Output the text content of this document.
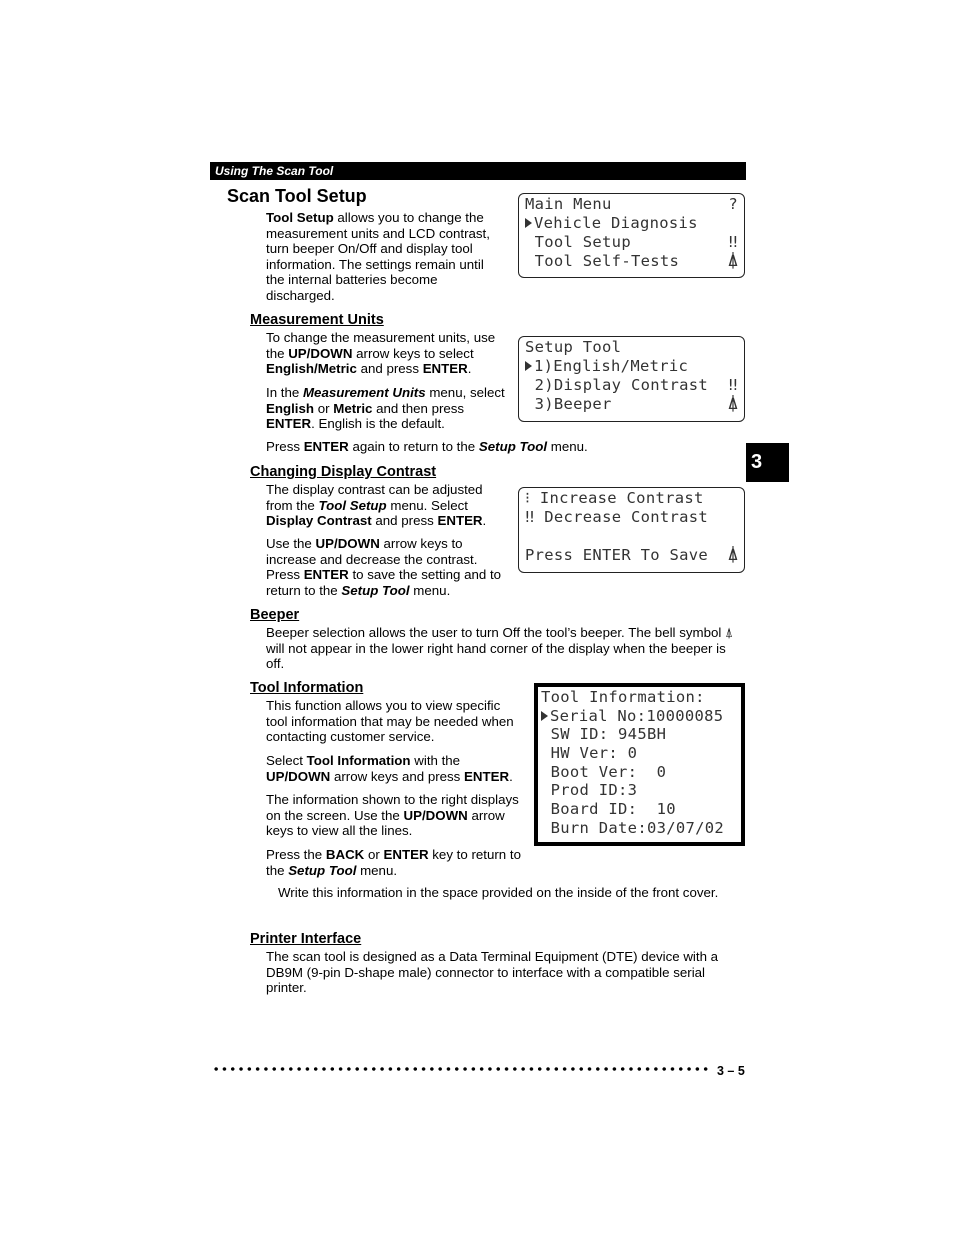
Using The Scan Tool
3
Scan Tool Setup
Tool Setup allows you to change the measurement units and LCD contrast, turn beeper On/Off and display tool information. The settings remain until the internal batteries become discharged.
Main Menu	?
Vehicle Diagnosis
Tool Setup	‼
Tool Self-Tests	⍋
Measurement Units
To change the measurement units, use the UP/DOWN arrow keys to select English/Metric and press ENTER.
In the Measurement Units menu, select English or Metric and then press ENTER. English is the default.
Press ENTER again to return to the Setup Tool menu.
Setup Tool
1)English/Metric
2)Display Contrast ‼
3)Beeper	⍋
Changing Display Contrast
The display contrast can be adjusted from the Tool Setup menu. Select Display Contrast and press ENTER.
Use the UP/DOWN arrow keys to increase and decrease the contrast. Press ENTER to save the setting and to return to the Setup Tool menu.
⁝ Increase Contrast
‼ Decrease Contrast
Press ENTER To Save ⍋
Beeper
Beeper selection allows the user to turn Off the tool’s beeper. The bell symbol ⍋ will not appear in the lower right hand corner of the display when the beeper is off.
Tool Information
This function allows you to view specific tool information that may be needed when contacting customer service.
Select Tool Information with the UP/DOWN arrow keys and press ENTER.
The information shown to the right displays on the screen. Use the UP/DOWN arrow keys to view all the lines.
Press the BACK or ENTER key to return to the Setup Tool menu.
Write this information in the space provided on the inside of the front cover.
Tool Information:
Serial No:10000085
SW ID: 945BH
HW Ver: 0
Boot Ver:  0
Prod ID:3
Board ID:  10
Burn Date:03/07/02
Printer Interface
The scan tool is designed as a Data Terminal Equipment (DTE) device with a DB9M (9-pin D-shape male) connector to interface with a compatible serial printer.
3 – 5
